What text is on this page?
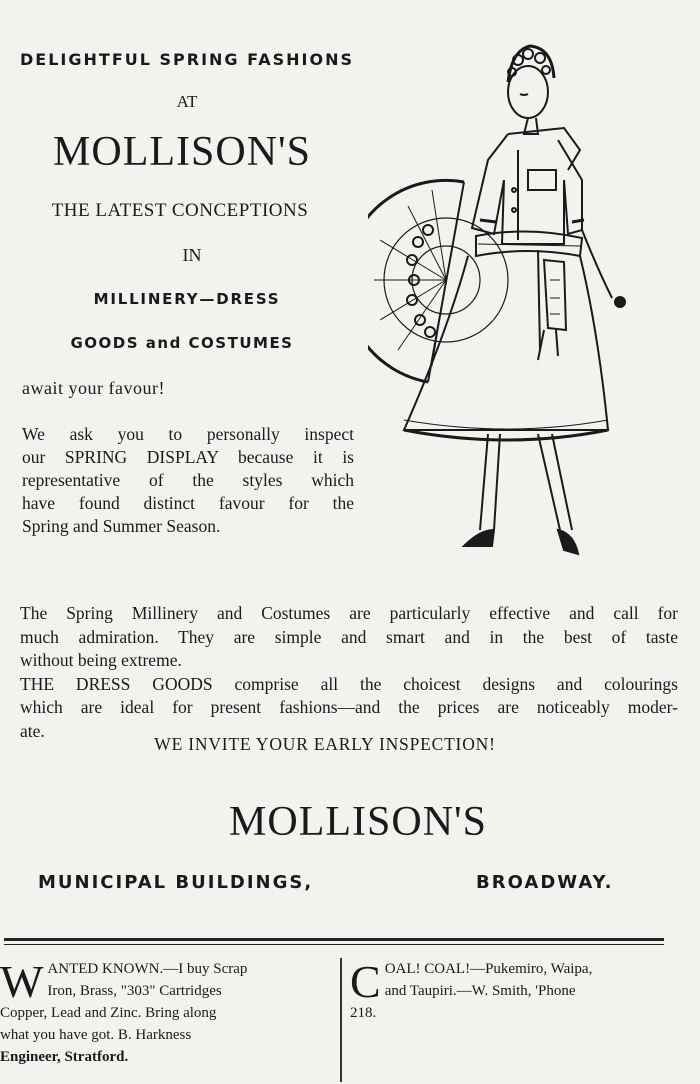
DELIGHTFUL SPRING FASHIONS
AT
MOLLISON'S
THE LATEST CONCEPTIONS
IN
MILLINERY—DRESS
GOODS and COSTUMES
await your favour!
We ask you to personally inspect
our SPRING DISPLAY because it is
representative of the styles which
have found distinct favour for the
Spring and Summer Season.
The Spring Millinery and Costumes are particularly effective and call for
much admiration. They are simple and smart and in the best of taste
without being extreme.
THE DRESS GOODS comprise all the choicest designs and colourings
which are ideal for present fashions—and the prices are noticeably moder-
ate.
WE INVITE YOUR EARLY INSPECTION!
MOLLISON'S
MUNICIPAL BUILDINGS,	BROADWAY.
W ANTED KNOWN.—I buy Scrap
Iron, Brass, "303" Cartridges
Copper, Lead and Zinc. Bring along
what you have got. B. Harkness
Engineer, Stratford.
C OAL! COAL!—Pukemiro, Waipa,
and Taupiri.—W. Smith, 'Phone
218.
